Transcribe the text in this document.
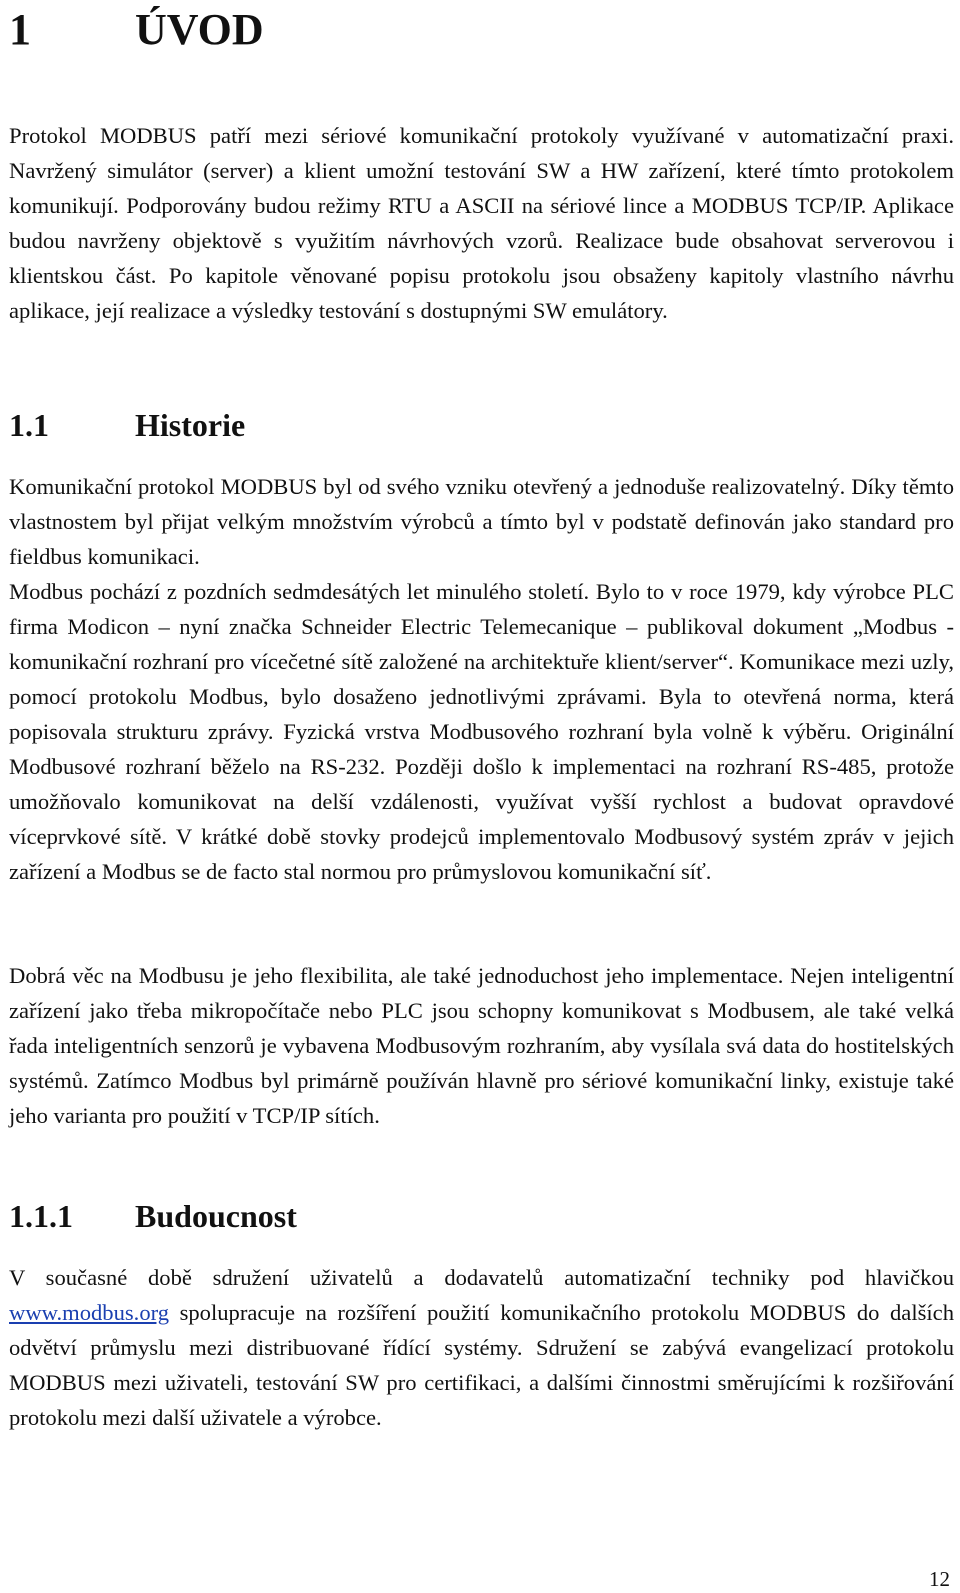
1 ÚVOD

Protokol MODBUS patří mezi sériové komunikační protokoly využívané v automatizační praxi. Navržený simulátor (server) a klient umožní testování SW a HW zařízení, které tímto protokolem komunikují. Podporovány budou režimy RTU a ASCII na sériové lince a MODBUS TCP/IP. Aplikace budou navrženy objektově s využitím návrhových vzorů. Realizace bude obsahovat serverovou i klientskou část. Po kapitole věnované popisu protokolu jsou obsaženy kapitoly vlastního návrhu aplikace, její realizace a výsledky testování s dostupnými SW emulátory.

1.1	Historie

Komunikační protokol MODBUS byl od svého vzniku otevřený a jednoduše realizovatelný. Díky těmto vlastnostem byl přijat velkým množstvím výrobců a tímto byl v podstatě definován jako standard pro fieldbus komunikaci.

Modbus pochází z pozdních sedmdesátých let minulého století. Bylo to v roce 1979, kdy výrobce PLC firma Modicon – nyní značka Schneider Electric Telemecanique – publikoval dokument „Modbus - komunikační rozhraní pro vícečetné sítě založené na architektuře klient/server“. Komunikace mezi uzly, pomocí protokolu Modbus, bylo dosaženo jednotlivými zprávami. Byla to otevřená norma, která popisovala strukturu zprávy. Fyzická vrstva Modbusového rozhraní byla volně k výběru. Originální Modbusové rozhraní běželo na RS-232. Později došlo k implementaci na rozhraní RS-485, protože umožňovalo komunikovat na delší vzdálenosti, využívat vyšší rychlost a budovat opravdové víceprvkové sítě. V krátké době stovky prodejců implementovalo Modbusový systém zpráv v jejich zařízení a Modbus se de facto stal normou pro průmyslovou komunikační síť.

Dobrá věc na Modbusu je jeho flexibilita, ale také jednoduchost jeho implementace. Nejen inteligentní zařízení jako třeba mikropočítače nebo PLC jsou schopny komunikovat s Modbusem, ale také velká řada inteligentních senzorů je vybavena Modbusovým rozhraním, aby vysílala svá data do hostitelských systémů. Zatímco Modbus byl primárně používán hlavně pro sériové komunikační linky, existuje také jeho varianta pro použití v TCP/IP sítích.

1.1.1 Budoucnost

V současné době sdružení uživatelů a dodavatelů automatizační techniky pod hlavičkou www.modbus.org spolupracuje na rozšíření použití komunikačního protokolu MODBUS do dalších odvětví průmyslu mezi distribuované řídící systémy. Sdružení se zabývá evangelizací protokolu MODBUS mezi uživateli, testování SW pro certifikaci, a dalšími činnostmi směrujícími k rozšiřování protokolu mezi další uživatele a výrobce.

12
